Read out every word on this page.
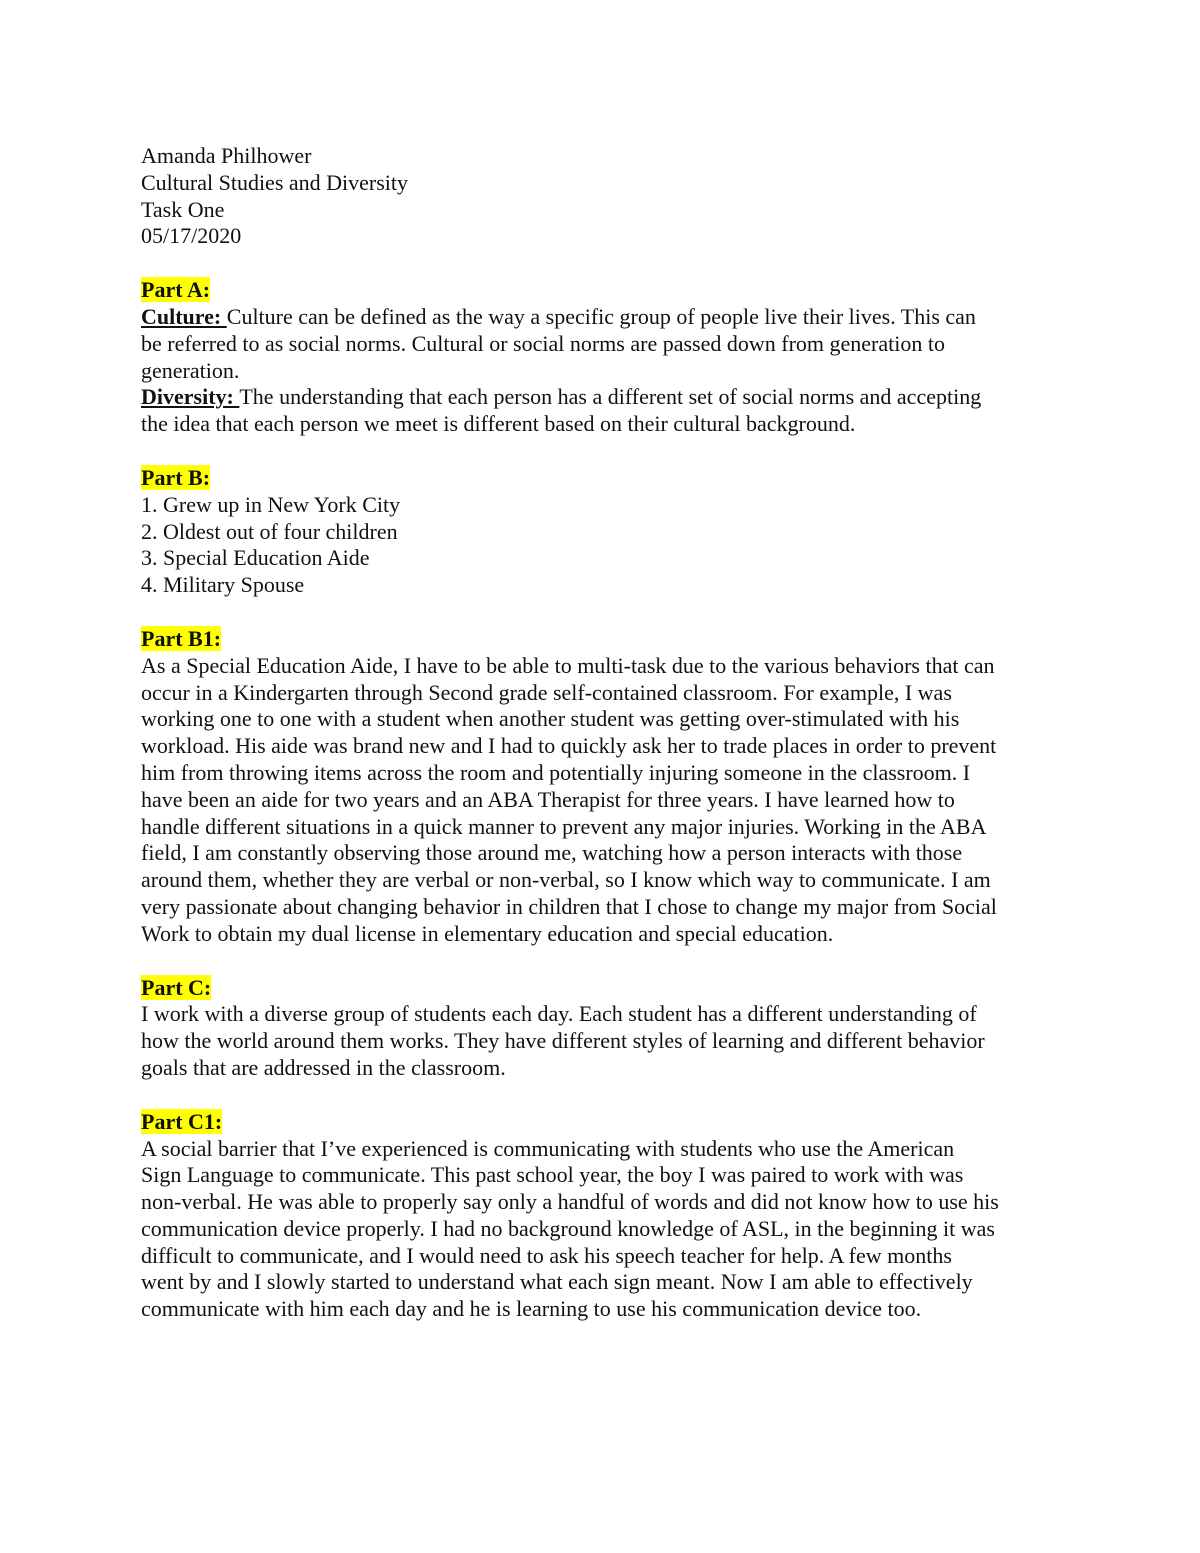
Amanda Philhower
Cultural Studies and Diversity
Task One
05/17/2020
Part A:
Culture: Culture can be defined as the way a specific group of people live their lives. This can
be referred to as social norms. Cultural or social norms are passed down from generation to
generation.
Diversity: The understanding that each person has a different set of social norms and accepting
the idea that each person we meet is different based on their cultural background.
Part B:
1. Grew up in New York City
2. Oldest out of four children
3. Special Education Aide
4. Military Spouse
Part B1:
As a Special Education Aide, I have to be able to multi-task due to the various behaviors that can
occur in a Kindergarten through Second grade self-contained classroom. For example, I was
working one to one with a student when another student was getting over-stimulated with his
workload. His aide was brand new and I had to quickly ask her to trade places in order to prevent
him from throwing items across the room and potentially injuring someone in the classroom. I
have been an aide for two years and an ABA Therapist for three years. I have learned how to
handle different situations in a quick manner to prevent any major injuries. Working in the ABA
field, I am constantly observing those around me, watching how a person interacts with those
around them, whether they are verbal or non-verbal, so I know which way to communicate. I am
very passionate about changing behavior in children that I chose to change my major from Social
Work to obtain my dual license in elementary education and special education.
Part C:
I work with a diverse group of students each day. Each student has a different understanding of
how the world around them works. They have different styles of learning and different behavior
goals that are addressed in the classroom.
Part C1:
A social barrier that I’ve experienced is communicating with students who use the American
Sign Language to communicate. This past school year, the boy I was paired to work with was
non-verbal. He was able to properly say only a handful of words and did not know how to use his
communication device properly. I had no background knowledge of ASL, in the beginning it was
difficult to communicate, and I would need to ask his speech teacher for help. A few months
went by and I slowly started to understand what each sign meant. Now I am able to effectively
communicate with him each day and he is learning to use his communication device too.
